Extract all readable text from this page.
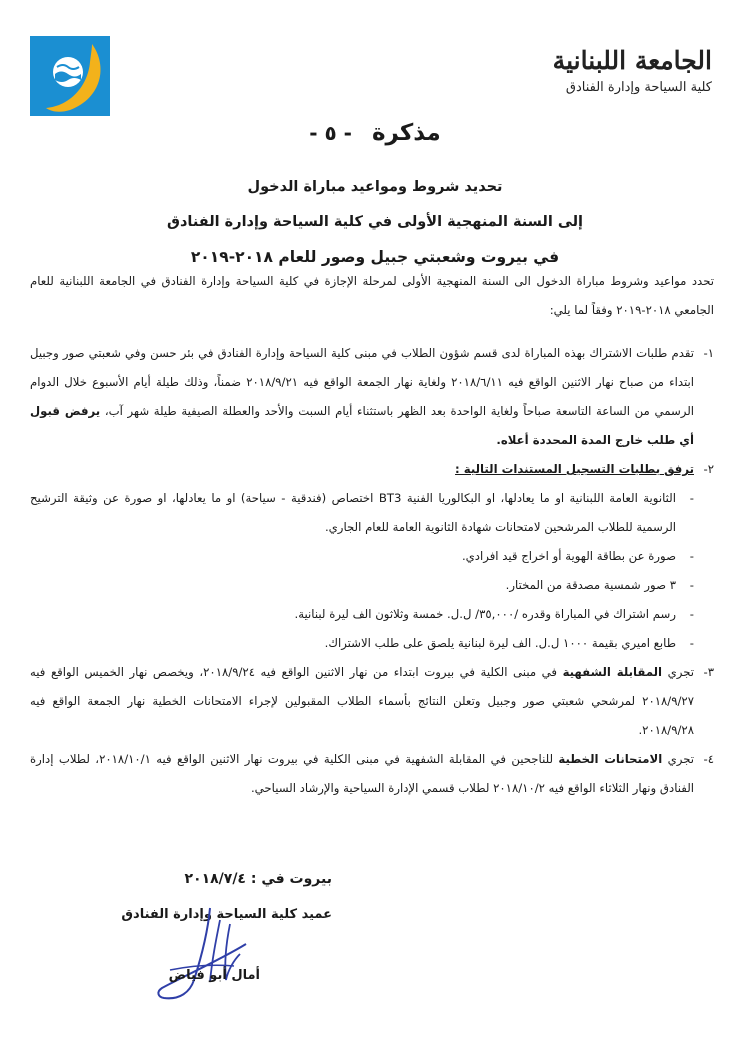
الجامعة اللبنانية
كلية السياحة وإدارة الفنادق
مذكرة - ٥ -
تحديد شروط ومواعيد مباراة الدخول
إلى السنة المنهجية الأولى في كلية السياحة وإدارة الفنادق
في بيروت وشعبتي جبيل وصور للعام ٢٠١٨-٢٠١٩

تحدد مواعيد وشروط مباراة الدخول الى السنة المنهجية الأولى لمرحلة الإجازة في كلية السياحة وإدارة الفنادق في الجامعة اللبنانية للعام الجامعي ٢٠١٨-٢٠١٩ وفقاً لما يلي:

١-
تقدم طلبات الاشتراك بهذه المباراة لدى قسم شؤون الطلاب في مبنى كلية السياحة وإدارة الفنادق في بئر حسن وفي شعبتي صور وجبيل ابتداء من صباح نهار الاثنين الواقع فيه ٢٠١٨/٦/١١ ولغاية نهار الجمعة الواقع فيه ٢٠١٨/٩/٢١ ضمناً، وذلك طيلة أيام الأسبوع خلال الدوام الرسمي من الساعة التاسعة صباحاً ولغاية الواحدة بعد الظهر باستثناء أيام السبت والأحد والعطلة الصيفية طيلة شهر آب، يرفض قبول أي طلب خارج المدة المحددة أعلاه.
٢-
ترفق بطلبات التسجيل المستندات التالية :
-
الثانوية العامة اللبنانية او ما يعادلها، او البكالوريا الفنية BT3 اختصاص (فندقية - سياحة) او ما يعادلها، او صورة عن وثيقة الترشيح الرسمية للطلاب المرشحين لامتحانات شهادة الثانوية العامة للعام الجاري.
-
صورة عن بطاقة الهوية أو اخراج قيد افرادي.
-
٣ صور شمسية مصدقة من المختار.
-
رسم اشتراك في المباراة وقدره /٣٥,٠٠٠/ ل.ل. خمسة وثلاثون الف ليرة لبنانية.
-
طابع اميري بقيمة ١٠٠٠ ل.ل. الف ليرة لبنانية يلصق على طلب الاشتراك.
٣-
تجري المقابلة الشفهية في مبنى الكلية في بيروت ابتداء من نهار الاثنين الواقع فيه ٢٠١٨/٩/٢٤، ويخصص نهار الخميس الواقع فيه ٢٠١٨/٩/٢٧ لمرشحي شعبتي صور وجبيل وتعلن النتائج بأسماء الطلاب المقبولين لإجراء الامتحانات الخطية نهار الجمعة الواقع فيه ٢٠١٨/٩/٢٨.
٤-
تجري الامتحانات الخطية للناجحين في المقابلة الشفهية في مبنى الكلية في بيروت نهار الاثنين الواقع فيه ٢٠١٨/١٠/١، لطلاب إدارة الفنادق ونهار الثلاثاء الواقع فيه ٢٠١٨/١٠/٢ لطلاب قسمي الإدارة السياحية والإرشاد السياحي.
بيروت في : ٢٠١٨/٧/٤
عميد كلية السياحة وإدارة الفنادق
أمال أبو فياض
